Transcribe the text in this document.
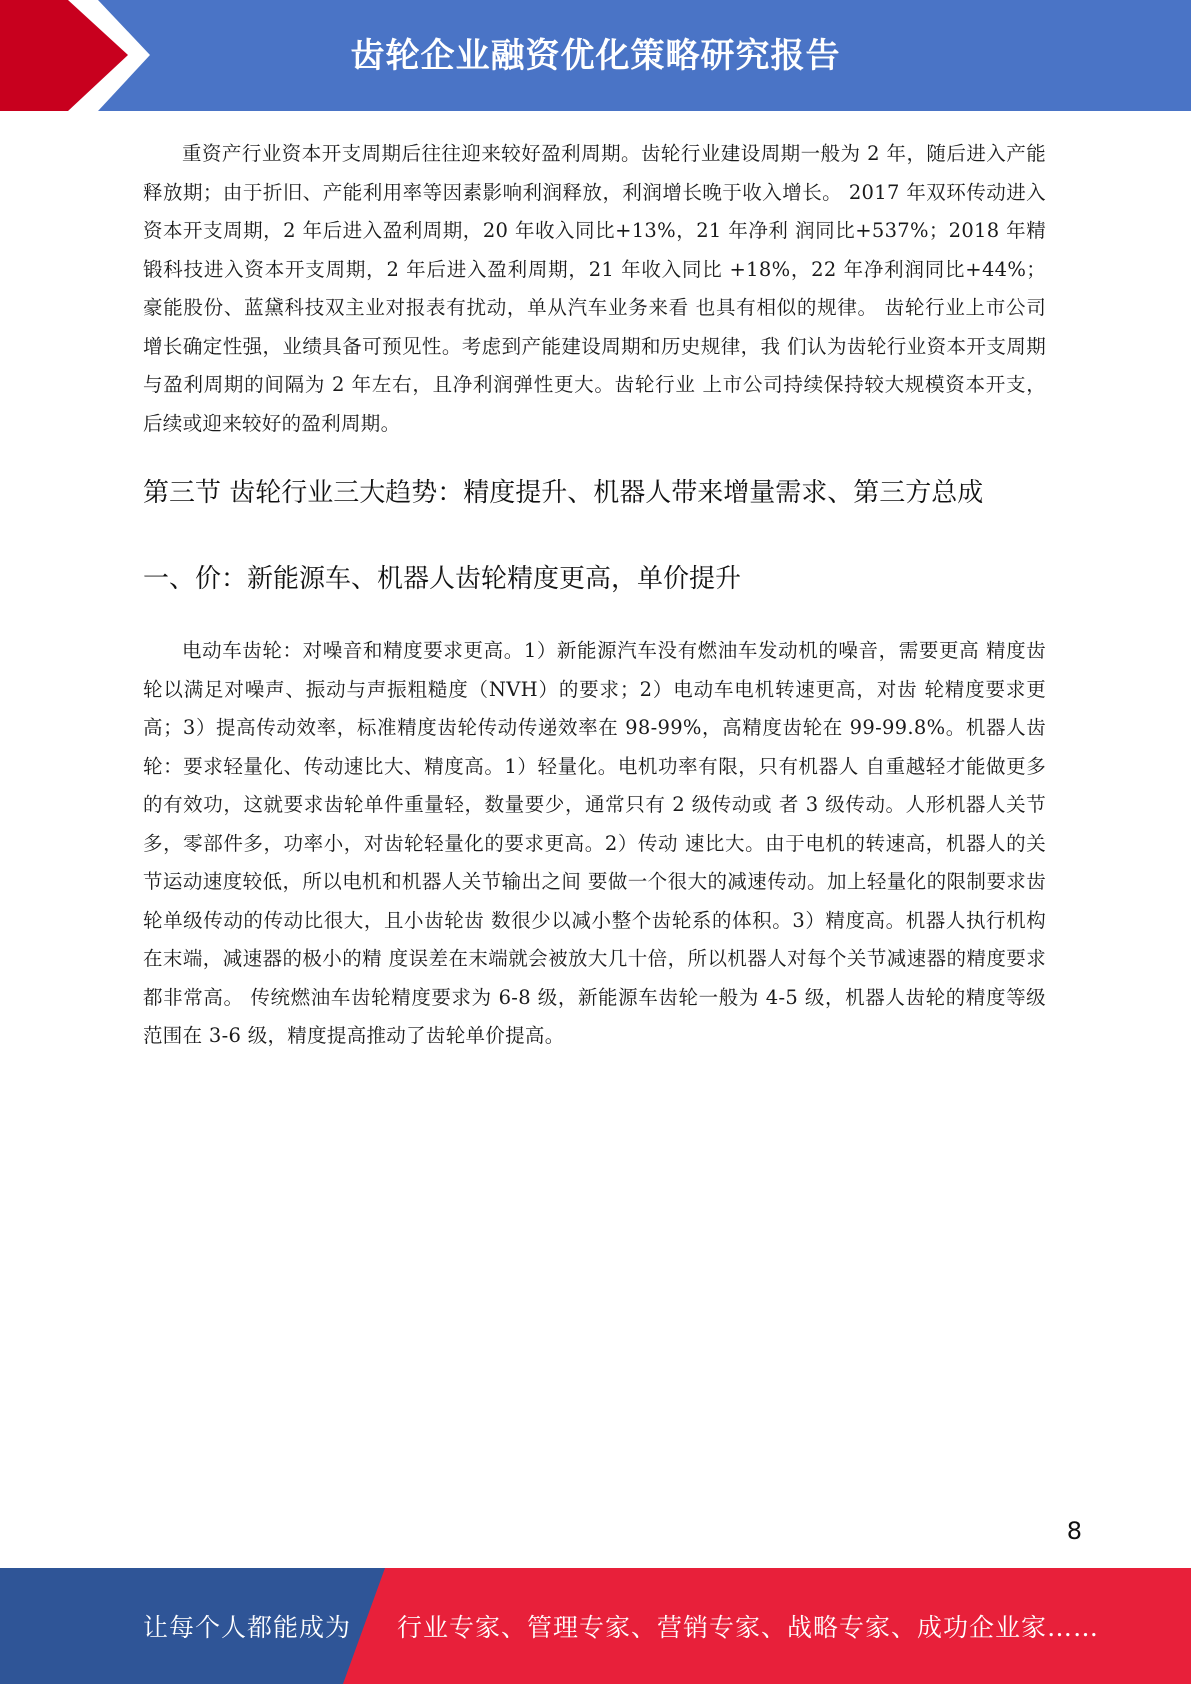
齿轮企业融资优化策略研究报告

重资产行业资本开支周期后往往迎来较好盈利周期。齿轮行业建设周期一般为 2 年，随后进入产能释放期；由于折旧、产能利用率等因素影响利润释放，利润增长晚于收入增长。 2017 年双环传动进入资本开支周期，2 年后进入盈利周期，20 年收入同比+13%，21 年净利 润同比+537%；2018 年精锻科技进入资本开支周期，2 年后进入盈利周期，21 年收入同比 +18%，22 年净利润同比+44%；豪能股份、蓝黛科技双主业对报表有扰动，单从汽车业务来看 也具有相似的规律。 齿轮行业上市公司增长确定性强，业绩具备可预见性。考虑到产能建设周期和历史规律，我 们认为齿轮行业资本开支周期与盈利周期的间隔为 2 年左右，且净利润弹性更大。齿轮行业 上市公司持续保持较大规模资本开支，后续或迎来较好的盈利周期。

第三节 齿轮行业三大趋势：精度提升、机器人带来增量需求、第三方总成
一、价：新能源车、机器人齿轮精度更高，单价提升

电动车齿轮：对噪音和精度要求更高。1）新能源汽车没有燃油车发动机的噪音，需要更高 精度齿轮以满足对噪声、振动与声振粗糙度（NVH）的要求；2）电动车电机转速更高，对齿 轮精度要求更高；3）提高传动效率，标准精度齿轮传动传递效率在 98-99%，高精度齿轮在 99-99.8%。机器人齿轮：要求轻量化、传动速比大、精度高。1）轻量化。电机功率有限，只有机器人 自重越轻才能做更多的有效功，这就要求齿轮单件重量轻，数量要少，通常只有 2 级传动或 者 3 级传动。人形机器人关节多，零部件多，功率小，对齿轮轻量化的要求更高。2）传动 速比大。由于电机的转速高，机器人的关节运动速度较低，所以电机和机器人关节输出之间 要做一个很大的减速传动。加上轻量化的限制要求齿轮单级传动的传动比很大，且小齿轮齿 数很少以减小整个齿轮系的体积。3）精度高。机器人执行机构在末端，减速器的极小的精 度误差在末端就会被放大几十倍，所以机器人对每个关节减速器的精度要求都非常高。 传统燃油车齿轮精度要求为 6-8 级，新能源车齿轮一般为 4-5 级，机器人齿轮的精度等级 范围在 3-6 级，精度提高推动了齿轮单价提高。

8
让每个人都能成为 行业专家、管理专家、营销专家、战略专家、成功企业家……
